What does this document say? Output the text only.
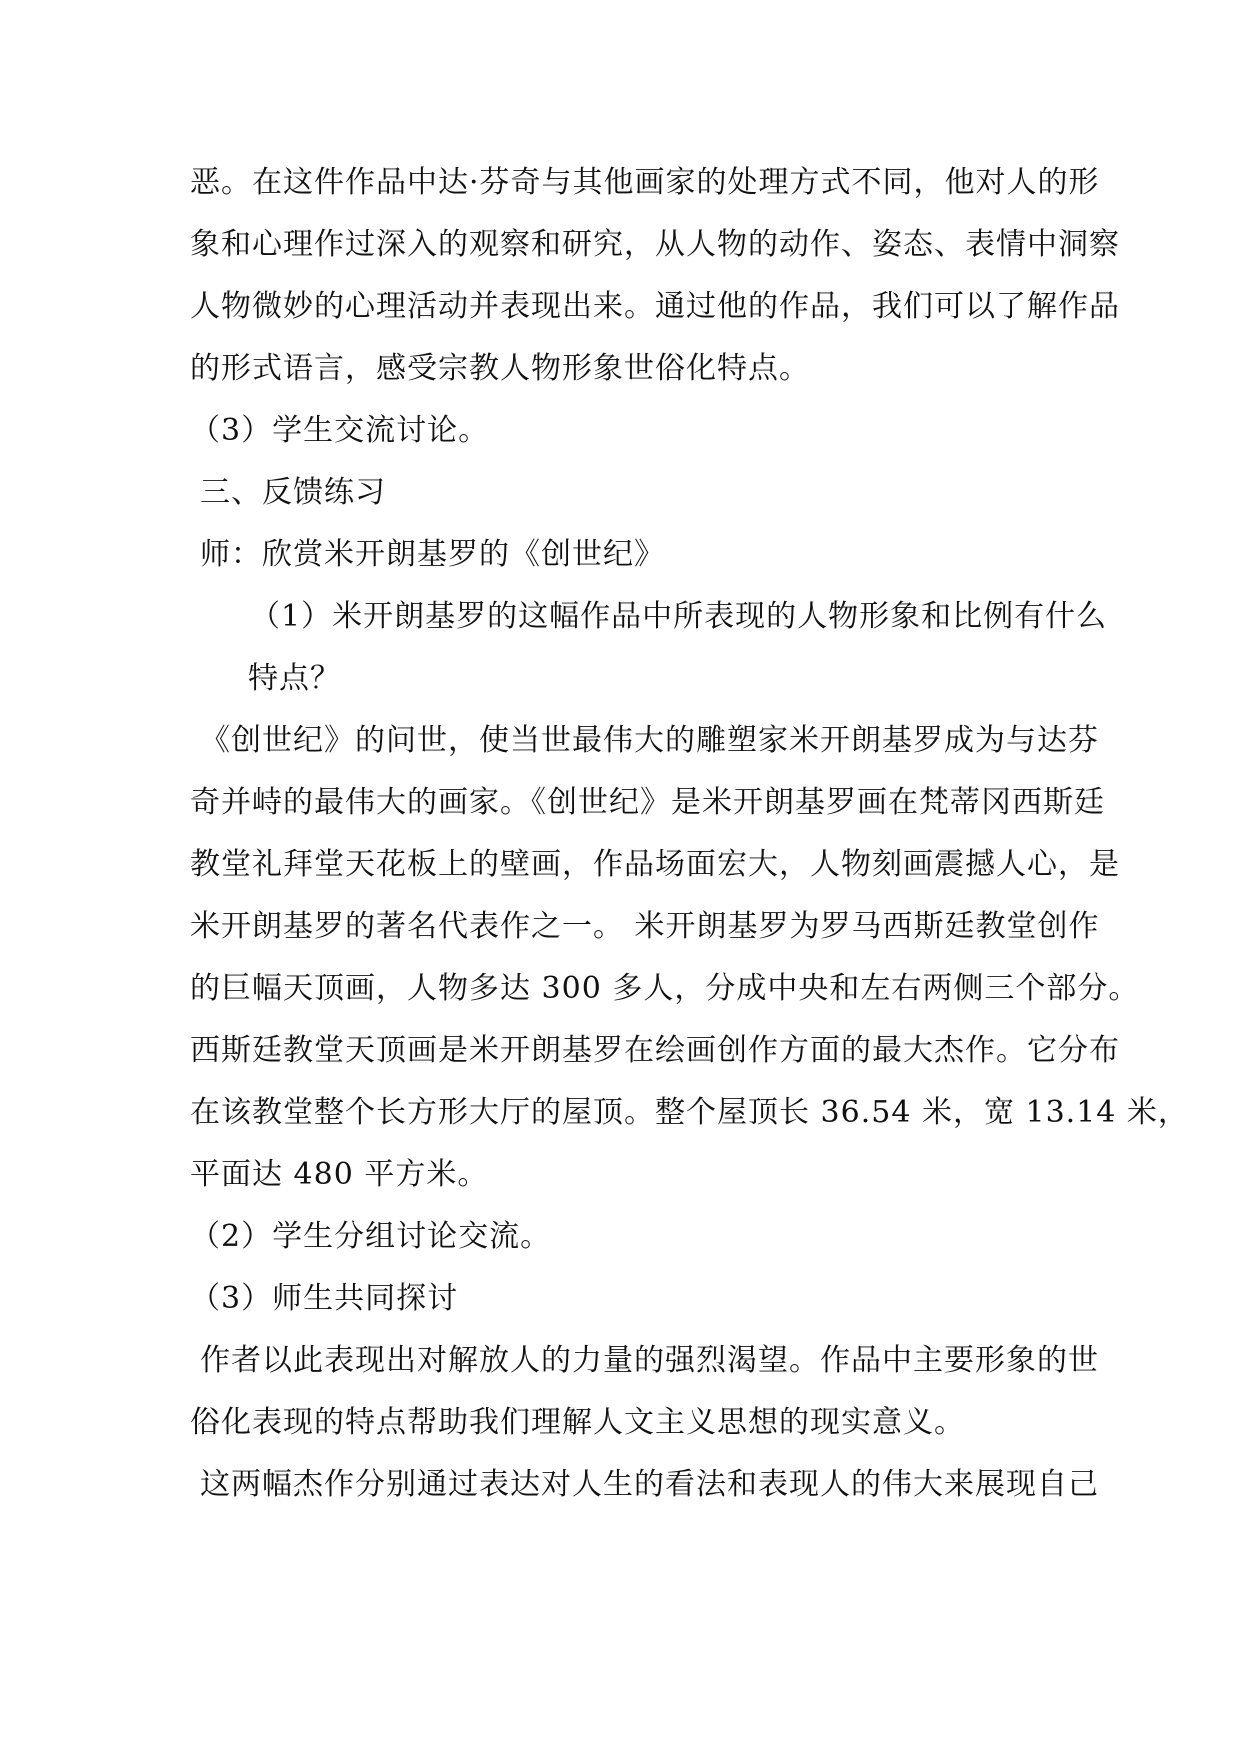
恶。在这件作品中达·芬奇与其他画家的处理方式不同，他对人的形
象和心理作过深入的观察和研究，从人物的动作、姿态、表情中洞察
人物微妙的心理活动并表现出来。通过他的作品，我们可以了解作品
的形式语言，感受宗教人物形象世俗化特点。
（3）学生交流讨论。
三、反馈练习
师：欣赏米开朗基罗的《创世纪》
（1）米开朗基罗的这幅作品中所表现的人物形象和比例有什么
特点？
《创世纪》的问世，使当世最伟大的雕塑家米开朗基罗成为与达芬
奇并峙的最伟大的画家。《创世纪》是米开朗基罗画在梵蒂冈西斯廷
教堂礼拜堂天花板上的壁画，作品场面宏大，人物刻画震撼人心，是
米开朗基罗的著名代表作之一。 米开朗基罗为罗马西斯廷教堂创作
的巨幅天顶画，人物多达 300 多人，分成中央和左右两侧三个部分。
西斯廷教堂天顶画是米开朗基罗在绘画创作方面的最大杰作。它分布
在该教堂整个长方形大厅的屋顶。整个屋顶长 36.54 米，宽 13.14 米，
平面达 480 平方米。
（2）学生分组讨论交流。
（3）师生共同探讨
作者以此表现出对解放人的力量的强烈渴望。作品中主要形象的世
俗化表现的特点帮助我们理解人文主义思想的现实意义。
这两幅杰作分别通过表达对人生的看法和表现人的伟大来展现自己
